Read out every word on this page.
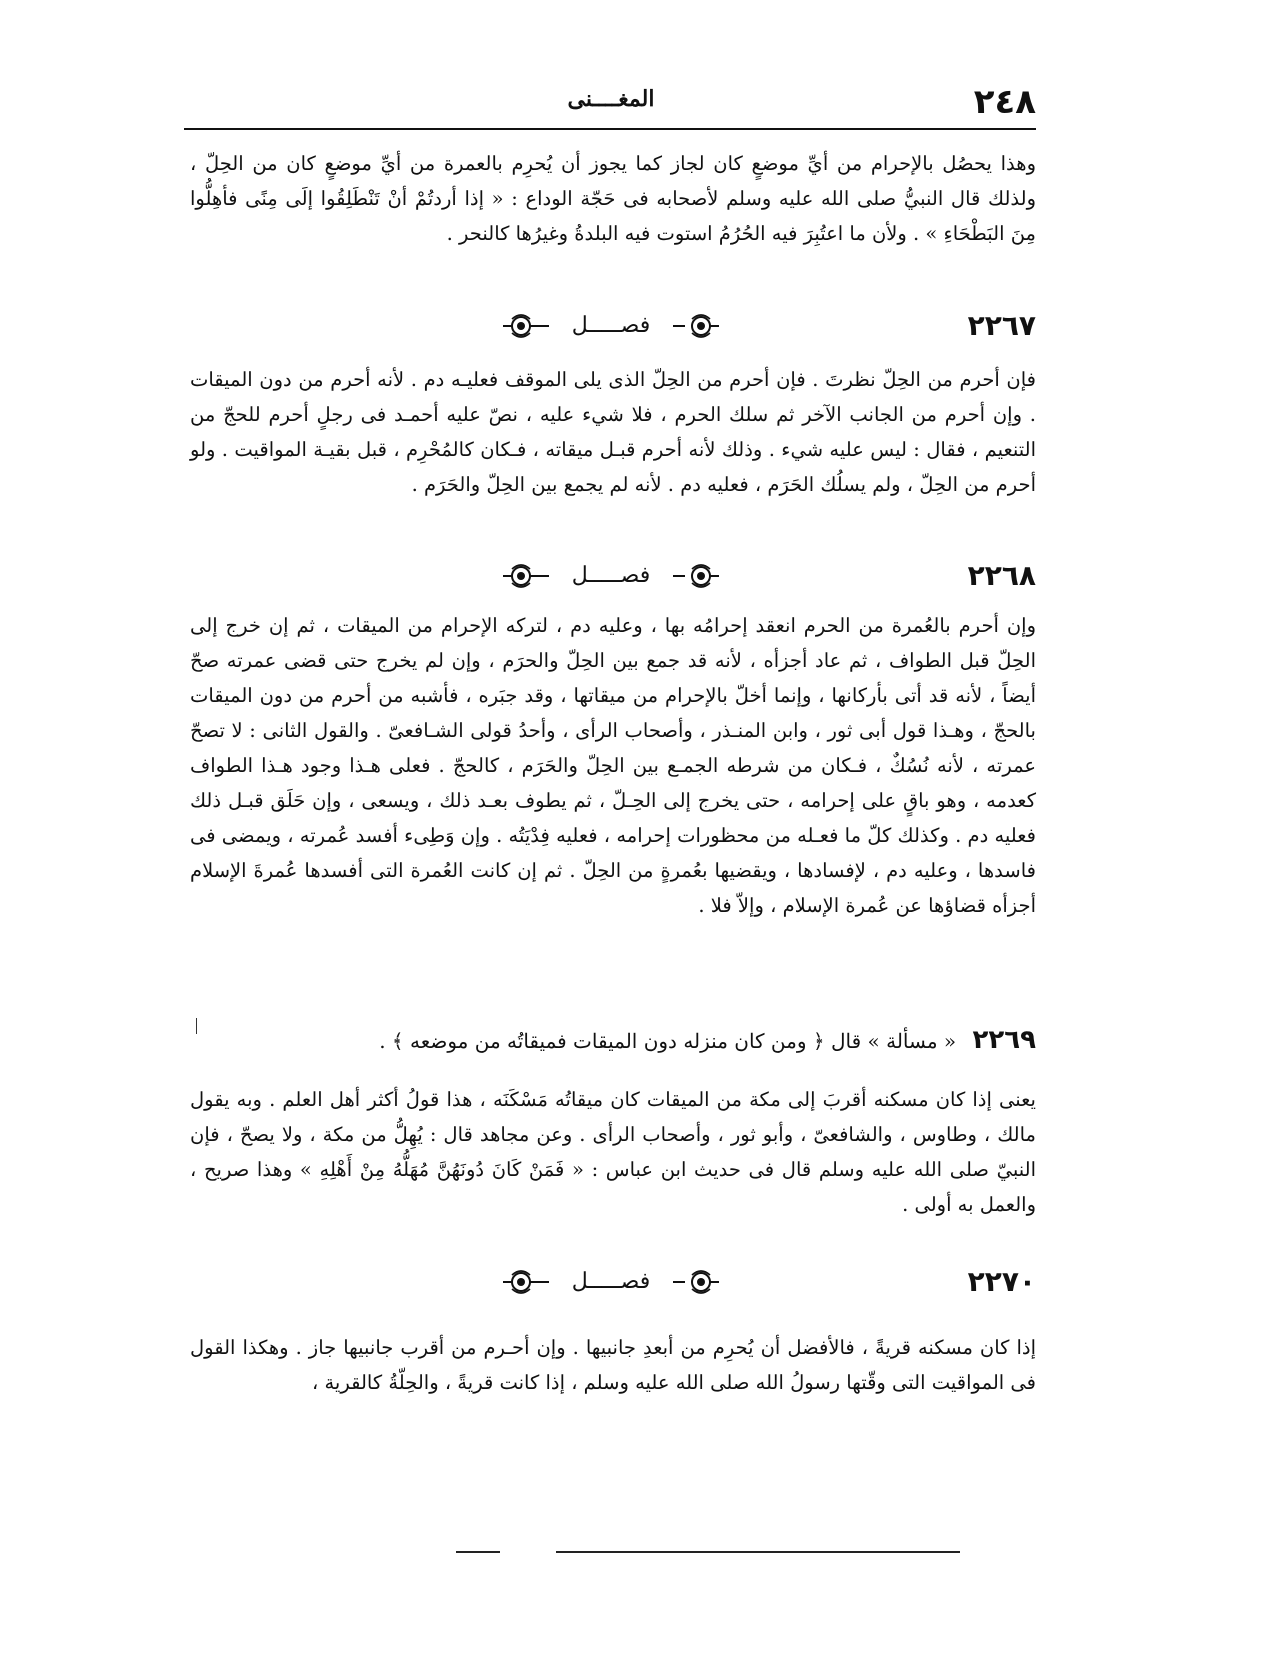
٢٤٨
المغــــنى

وهذا يحصُل بالإحرام من أيِّ موضعٍ كان لجاز كما يجوز أن يُحرِم بالعمرة من أيِّ موضعٍ كان من الحِلّ ، ولذلك قال النبيُّ صلى الله عليه وسلم لأصحابه فى حَجّة الوداع : « إذا أردتُمْ أنْ تَنْطَلِقُوا إلَى مِنًى فأهِلُّوا مِنَ البَطْحَاءِ » . ولأن ما اعتُبِرَ فيه الحُرُمُ استوت فيه البلدةُ وغيرُها كالنحر .

٢٢٦٧
فصـــــل

فإن أحرم من الحِلّ نظرتَ . فإن أحرم من الحِلّ الذى يلى الموقف فعليـه دم . لأنه أحرم من دون الميقات . وإن أحرم من الجانب الآخر ثم سلك الحرم ، فلا شيء عليه ، نصّ عليه أحمـد فى رجلٍ أحرم للحجّ من التنعيم ، فقال : ليس عليه شيء . وذلك لأنه أحرم قبـل ميقاته ، فـكان كالمُحْرِم ، قبل بقيـة المواقيت . ولو أحرم من الحِلّ ، ولم يسلُك الحَرَم ، فعليه دم . لأنه لم يجمع بين الحِلّ والحَرَم .

٢٢٦٨
فصـــــل

وإن أحرم بالعُمرة من الحرم انعقد إحرامُه بها ، وعليه دم ، لتركه الإحرام من الميقات ، ثم إن خرج إلى الحِلّ قبل الطواف ، ثم عاد أجزأه ، لأنه قد جمع بين الحِلّ والحرَم ، وإن لم يخرج حتى قضى عمرته صحّ أيضاً ، لأنه قد أتى بأركانها ، وإنما أخلّ بالإحرام من ميقاتها ، وقد جبَره ، فأشبه من أحرم من دون الميقات بالحجّ ، وهـذا قول أبى ثور ، وابن المنـذر ، وأصحاب الرأى ، وأحدُ قولى الشـافعىّ . والقول الثانى : لا تصحّ عمرته ، لأنه نُسُكٌ ، فـكان من شرطه الجمـع بين الحِلّ والحَرَم ، كالحجّ . فعلى هـذا وجود هـذا الطواف كعدمه ، وهو باقٍ على إحرامه ، حتى يخرج إلى الحِـلّ ، ثم يطوف بعـد ذلك ، ويسعى ، وإن حَلَق قبـل ذلك فعليه دم . وكذلك كلّ ما فعـله من محظورات إحرامه ، فعليه فِدْيَتُه . وإن وَطِىء أفسد عُمرته ، ويمضى فى فاسدها ، وعليه دم ، لإفسادها ، ويقضيها بعُمرةٍ من الحِلّ . ثم إن كانت العُمرة التى أفسدها عُمرةَ الإسلام أجزأه قضاؤها عن عُمرة الإسلام ، وإلاّ فلا .

٢٢٦٩ « مسألة » قال ﴿ ومن كان منزله دون الميقات فميقاتُه من موضعه ﴾ .

يعنى إذا كان مسكنه أقربَ إلى مكة من الميقات كان ميقاتُه مَسْكَنَه ، هذا قولُ أكثر أهل العلم . وبه يقول مالك ، وطاوس ، والشافعىّ ، وأبو ثور ، وأصحاب الرأى . وعن مجاهد قال : يُهِلُّ من مكة ، ولا يصحّ ، فإن النبيّ صلى الله عليه وسلم قال فى حديث ابن عباس : « فَمَنْ كَانَ دُونَهُنَّ مُهَلُّهُ مِنْ أَهْلِهِ » وهذا صريح ، والعمل به أولى .

٢٢٧٠
فصـــــل

إذا كان مسكنه قريةً ، فالأفضل أن يُحرِم من أبعدِ جانبيها . وإن أحـرم من أقرب جانبيها جاز . وهكذا القول فى المواقيت التى وقّتها رسولُ الله صلى الله عليه وسلم ، إذا كانت قريةً ، والحِلّةُ كالقرية ،
